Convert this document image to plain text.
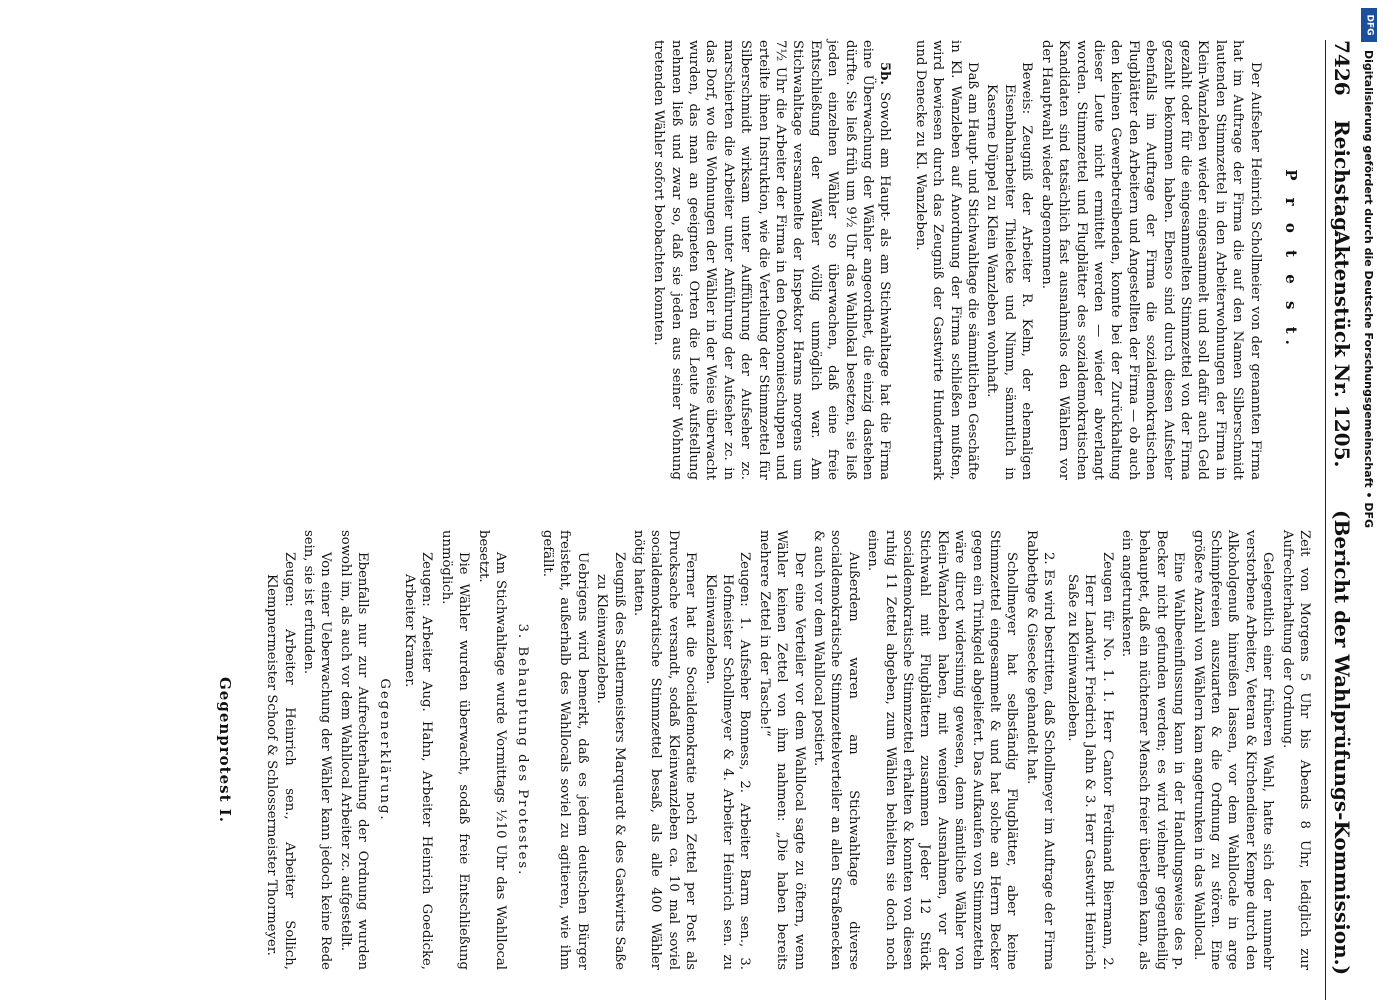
7426
Reichstag.
Aktenstück Nr. 1205.
(Bericht der Wahlprüfungs-Kommission.)
P r o t e s t.

Der Aufseher Heinrich Schollmeier von der genannten Firma hat im Auftrage der Firma die auf den Namen Silberschmidt lautenden Stimmzettel in den Arbeiterwohnungen der Firma in Klein-Wanzleben wieder eingesammelt und soll dafür auch Geld gezahlt oder für die eingesammelten Stimmzettel von der Firma gezahlt bekommen haben. Ebenso sind durch diesen Aufseher ebenfalls im Auftrage der Firma die sozialdemokratischen Flugblätter den Arbeitern und Angestellten der Firma — ob auch den kleinen Gewerbetreibenden, konnte bei der Zurückhaltung dieser Leute nicht ermittelt werden — wieder abverlangt worden. Stimmzettel und Flugblätter des sozialdemokratischen Kandidaten sind tatsächlich fast ausnahmslos den Wählern vor der Hauptwahl wieder abgenommen.

Beweis: Zeugniß der Arbeiter R. Kelm, der ehemaligen Eisenbahnarbeiter Thielecke und Nimm, sämmtlich in Kaserne Düppel zu Klein Wanzleben wohnhaft.

Daß am Haupt- und Stichwahltage die sämmtlichen Geschäfte in Kl. Wanzleben auf Anordnung der Firma schließen mußten, wird bewiesen durch das Zeugniß der Gastwirte Hundertmark und Denecke zu Kl. Wanzleben.

5b. Sowohl am Haupt- als am Stichwahltage hat die Firma eine Überwachung der Wähler angeordnet, die einzig dastehen dürfte. Sie ließ früh um 9½ Uhr das Wahllokal besetzen, sie ließ jeden einzelnen Wähler so überwachen, daß eine freie Entschließung der Wähler völlig unmöglich war. Am Stichwahltage versammelte der Inspektor Harms morgens um 7½ Uhr die Arbeiter der Firma in den Oekonomieschuppen und erteilte ihnen Instruktion, wie die Verteilung der Stimmzettel für Silberschmidt wirksam unter Aufführung der Aufseher zc. marschierten die Arbeiter unter Anführung der Aufseher zc. in das Dorf, wo die Wohnungen der Wähler in der Weise überwacht wurden, das man an geeigneten Orten die Leute Aufstellung nehmen ließ und zwar so, daß sie jeden aus seiner Wohnung tretenden Wähler sofort beobachten konnten.

Zeit von Morgens 5 Uhr bis Abends 8 Uhr, lediglich zur Aufrechterhaltung der Ordnung.

Gelegentlich einer früheren Wahl, hatte sich der nunmehr verstorbene Arbeiter, Veteran & Kirchendiener Kempe durch den Alkoholgenuß hinreißen lassen, vor dem Wahllocale in arge Schimpfereien auszuarten & die Ordnung zu stören. Eine größere Anzahl von Wählern kam angetrunken in das Wahllocal.

Eine Wahlbeeinflussung kann in der Handlungsweise des p. Becker nicht gefunden werden; es wird vielmehr gegentheilig behauptet, daß ein nüchterner Mensch freier überlegen kann, als ein angetrunkener.

Zeugen für No. 1. 1. Herr Cantor Ferdinand Biermann, 2. Herr Landwirt Friedrich Jahn & 3. Herr Gastwirt Heinrich Saße zu Kleinwanzleben.

2. Es wird bestritten, daß Schollmeyer im Auftrage der Firma Rabbethge & Giesecke gehandelt hat.

Schollmeyer hat selbständig Flugblätter, aber keine Stimmzettel eingesammelt & und hat solche an Herrn Becker gegen ein Trinkgeld abgeliefert. Das Aufkaufen von Stimmzetteln wäre direct widersinnig gewesen, denn sämtliche Wähler von Klein-Wanzleben haben, mit wenigen Ausnahmen, vor der Stichwahl mit Flugblättern zusammen Jeder 12 Stück socialdemokratische Stimmzettel erhalten & konnten von diesen ruhig 11 Zettel abgeben, zum Wählen behielten sie doch noch einen.

Außerdem waren am Stichwahltage diverse socialdemokratische Stimmzettelverteiler an allen Straßenecken & auch vor dem Wahllocal postiert.

Der eine Verteiler vor dem Wahllocal sagte zu öftern, wenn Wähler keinen Zettel von ihm nahmen: „Die haben bereits mehrere Zettel in der Tasche!“

Zeugen: 1. Aufseher Bonness, 2. Arbeiter Barm sen., 3. Hofmeister Schollmeyer & 4. Arbeiter Heinrich sen. zu Kleinwanzleben.

Ferner hat die Socialdemokratie noch Zettel per Post als Drucksache versandt, sodaß Kleinwanzleben ca. 10 mal soviel socialdemokratische Stimmzettel besaß, als alle 400 Wähler nötig hatten.

Zeugniß des Sattlermeisters Marquardt & des Gastwirts Saße zu Kleinwanzleben.

Uebrigens wird bemerkt, daß es jedem deutschen Bürger freisteht, außerhalb des Wahllocals soviel zu agitieren, wie ihm gefällt.

3. Behauptung des Protestes.

Am Stichwahltage wurde Vormittags ½10 Uhr das Wahllocal besetzt.

Die Wähler wurden überwacht, sodaß freie Entschließung unmöglich.

Zeugen: Arbeiter Aug. Hahn, Arbeiter Heinrich Goedicke, Arbeiter Kramer.

Gegenerklärung.

Ebenfalls nur zur Aufrechterhaltung der Ordnung wurden sowohl im, als auch vor dem Wahllocal Arbeiter zc. aufgestellt.

Von einer Ueberwachung der Wähler kann jedoch keine Rede sein, sie ist erfunden.

Zeugen: Arbeiter Heinrich sen., Arbeiter Sollich, Klempnermeister Schoof & Schlossermeister Thormeyer.

Gegenprotest I.
DFG
Digitalisierung gefördert durch die Deutsche Forschungsgemeinschaft • DFG
